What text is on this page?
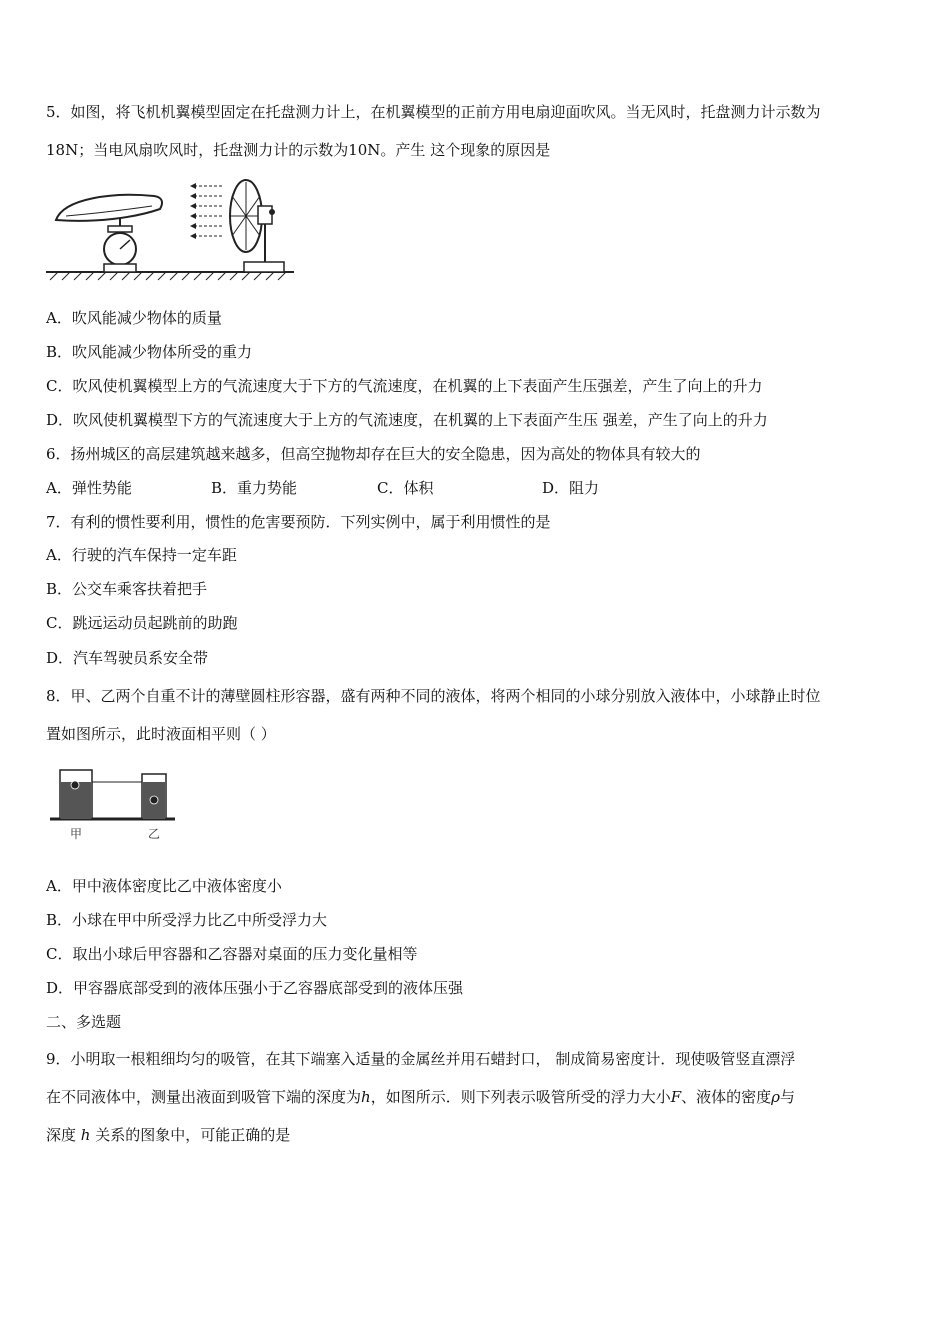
5．如图，将飞机机翼模型固定在托盘测力计上，在机翼模型的正前方用电扇迎面吹风。当无风时，托盘测力计示数为
18N；当电风扇吹风时，托盘测力计的示数为10N。产生 这个现象的原因是
A．吹风能减少物体的质量
B．吹风能减少物体所受的重力
C．吹风使机翼模型上方的气流速度大于下方的气流速度，在机翼的上下表面产生压强差，产生了向上的升力
D．吹风使机翼模型下方的气流速度大于上方的气流速度，在机翼的上下表面产生压 强差，产生了向上的升力
6．扬州城区的高层建筑越来越多，但高空抛物却存在巨大的安全隐患，因为高处的物体具有较大的
A．弹性势能	B．重力势能	C．体积	D．阻力
7．有利的惯性要利用，惯性的危害要预防．下列实例中，属于利用惯性的是
A．行驶的汽车保持一定车距
B．公交车乘客扶着把手
C．跳远运动员起跳前的助跑
D．汽车驾驶员系安全带
8．甲、乙两个自重不计的薄壁圆柱形容器，盛有两种不同的液体，将两个相同的小球分别放入液体中，小球静止时位
置如图所示，此时液面相平则（ ）
甲	乙
A．甲中液体密度比乙中液体密度小
B．小球在甲中所受浮力比乙中所受浮力大
C．取出小球后甲容器和乙容器对桌面的压力变化量相等
D．甲容器底部受到的液体压强小于乙容器底部受到的液体压强
二、多选题
9．小明取一根粗细均匀的吸管，在其下端塞入适量的金属丝并用石蜡封口， 制成简易密度计．现使吸管竖直漂浮
在不同液体中，测量出液面到吸管下端的深度为h，如图所示．则下列表示吸管所受的浮力大小F、液体的密度ρ与
深度 h 关系的图象中，可能正确的是
